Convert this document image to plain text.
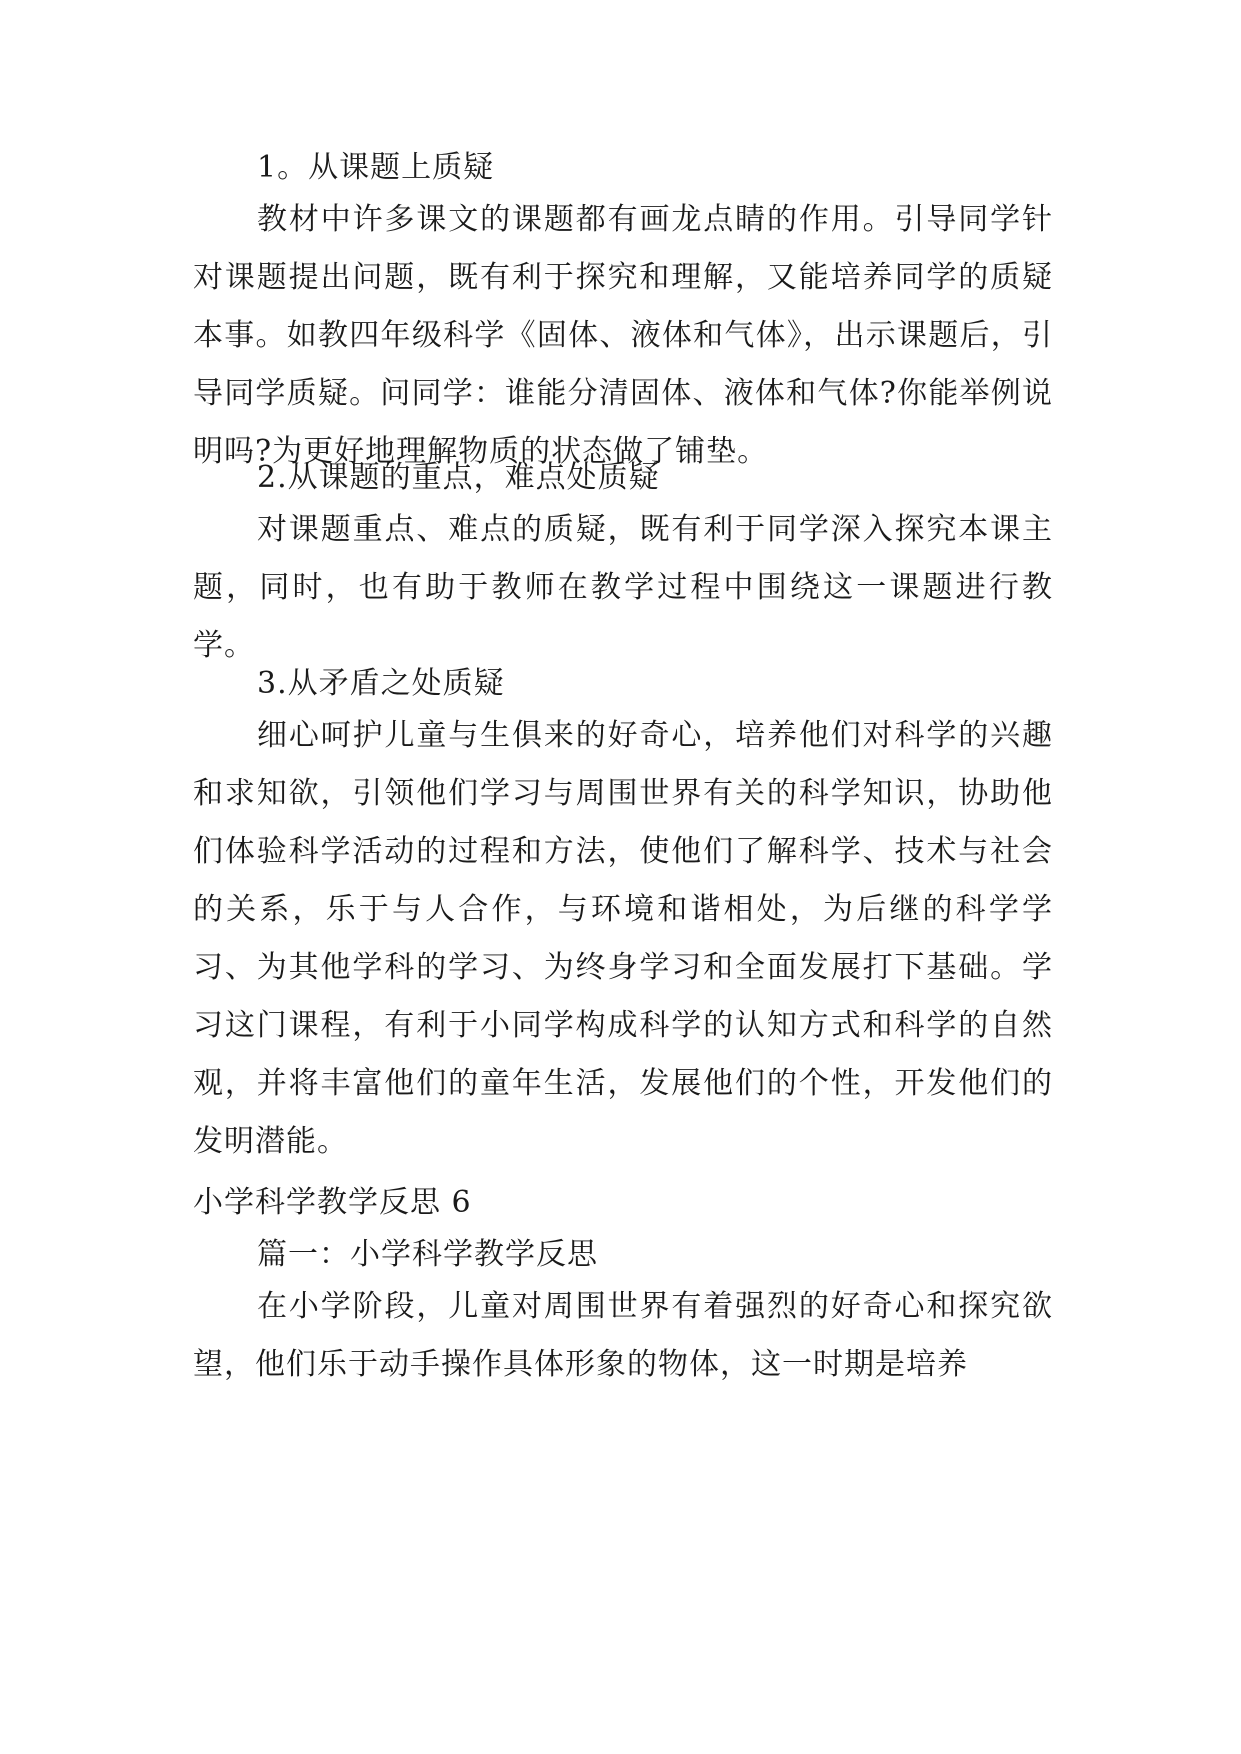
1。从课题上质疑

教材中许多课文的课题都有画龙点睛的作用。引导同学针对课题提出问题，既有利于探究和理解，又能培养同学的质疑本事。如教四年级科学《固体、液体和气体》，出示课题后，引导同学质疑。问同学：谁能分清固体、液体和气体?你能举例说明吗?为更好地理解物质的状态做了铺垫。

2.从课题的重点，难点处质疑

对课题重点、难点的质疑，既有利于同学深入探究本课主题，同时，也有助于教师在教学过程中围绕这一课题进行教学。

3.从矛盾之处质疑

细心呵护儿童与生俱来的好奇心，培养他们对科学的兴趣和求知欲，引领他们学习与周围世界有关的科学知识，协助他们体验科学活动的过程和方法，使他们了解科学、技术与社会的关系，乐于与人合作，与环境和谐相处，为后继的科学学习、为其他学科的学习、为终身学习和全面发展打下基础。学习这门课程，有利于小同学构成科学的认知方式和科学的自然观，并将丰富他们的童年生活，发展他们的个性，开发他们的发明潜能。

小学科学教学反思 6

篇一：小学科学教学反思

在小学阶段，儿童对周围世界有着强烈的好奇心和探究欲望，他们乐于动手操作具体形象的物体，这一时期是培养
